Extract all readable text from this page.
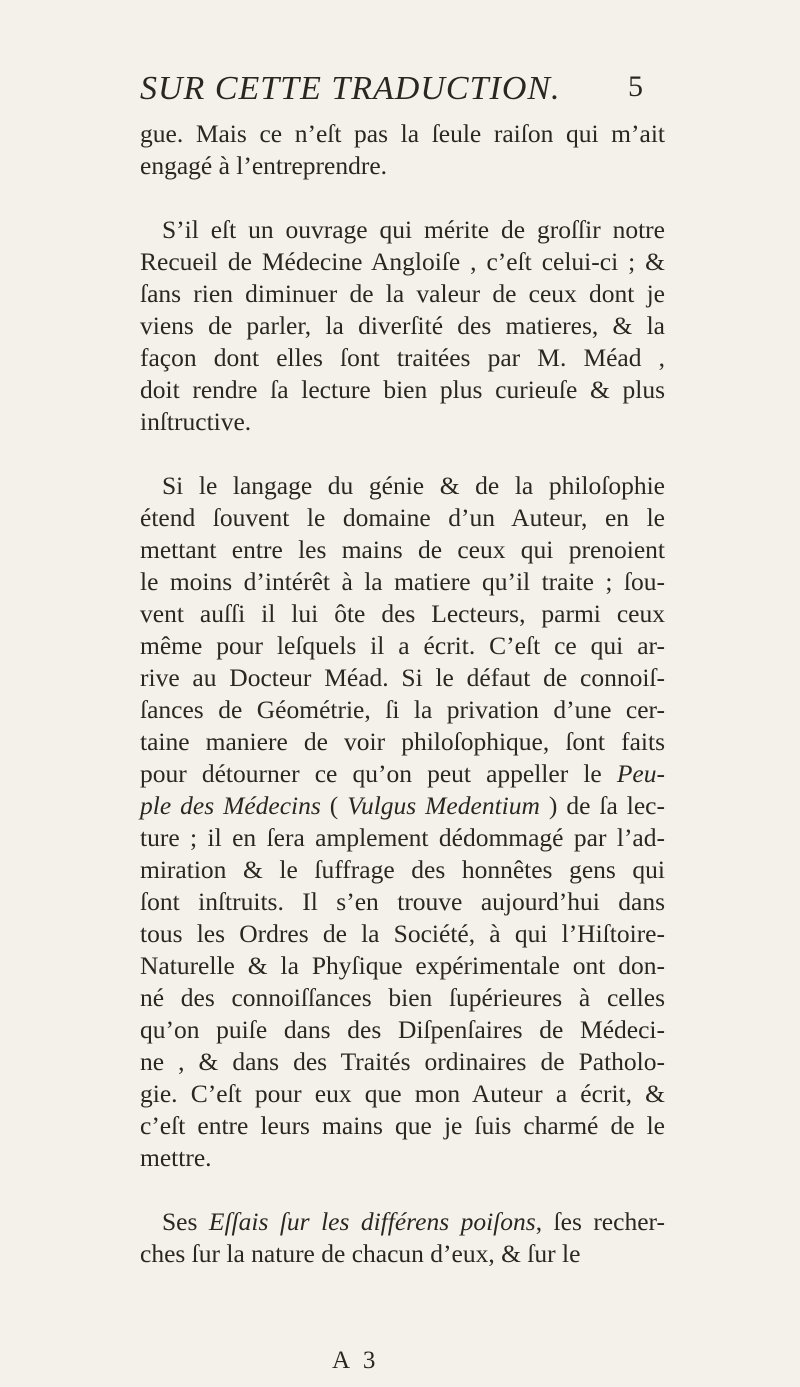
SUR CETTE TRADUCTION. 5
gue. Mais ce n’eſt pas la ſeule raiſon qui m’ait
engagé à l’entreprendre.
S’il eſt un ouvrage qui mérite de groſſir notre
Recueil de Médecine Angloiſe , c’eſt celui-ci ; &
ſans rien diminuer de la valeur de ceux dont je
viens de parler, la diverſité des matieres, & la
façon dont elles ſont traitées par M. Méad ,
doit rendre ſa lecture bien plus curieuſe & plus
inſtructive.
Si le langage du génie & de la philoſophie
étend ſouvent le domaine d’un Auteur, en le
mettant entre les mains de ceux qui prenoient
le moins d’intérêt à la matiere qu’il traite ; ſou-
vent auſſi il lui ôte des Lecteurs, parmi ceux
même pour leſquels il a écrit. C’eſt ce qui ar-
rive au Docteur Méad. Si le défaut de connoiſ-
ſances de Géométrie, ſi la privation d’une cer-
taine maniere de voir philoſophique, ſont faits
pour détourner ce qu’on peut appeller le Peu-
ple des Médecins ( Vulgus Medentium ) de ſa lec-
ture ; il en ſera amplement dédommagé par l’ad-
miration & le ſuffrage des honnêtes gens qui
ſont inſtruits. Il s’en trouve aujourd’hui dans
tous les Ordres de la Société, à qui l’Hiſtoire-
Naturelle & la Phyſique expérimentale ont don-
né des connoiſſances bien ſupérieures à celles
qu’on puiſe dans des Diſpenſaires de Médeci-
ne , & dans des Traités ordinaires de Patholo-
gie. C’eſt pour eux que mon Auteur a écrit, &
c’eſt entre leurs mains que je ſuis charmé de le
mettre.
Ses Eſſais ſur les différens poiſons, ſes recher-
ches ſur la nature de chacun d’eux, & ſur le
A 3
